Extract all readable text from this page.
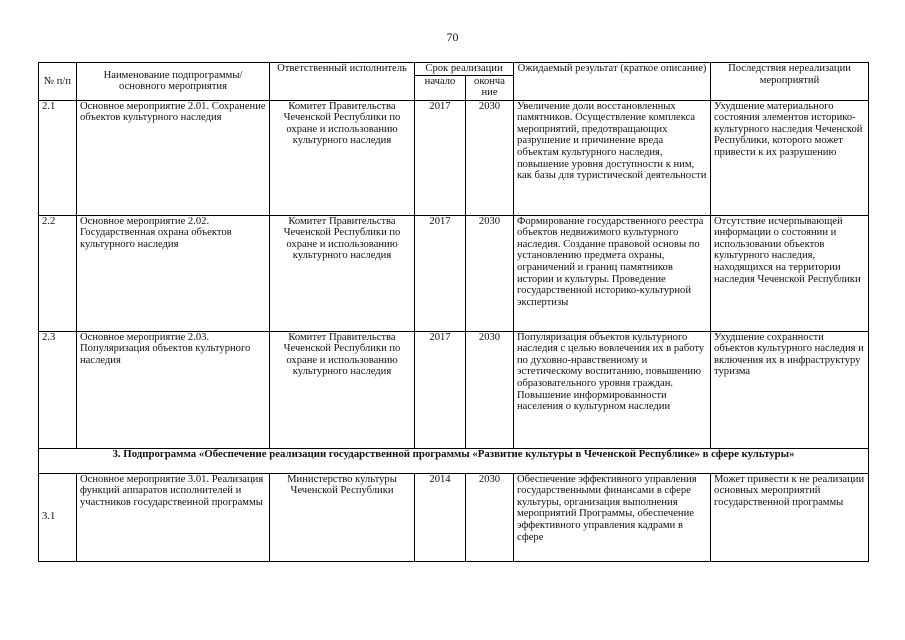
70
№ п/п	Наименование подпрограммы/ основного мероприятия	Ответственный исполнитель	Срок реализации		Ожидаемый результат (краткое описание)	Последствия нереализации мероприятий
			начало	оконча ние		
2.1	Основное мероприятие 2.01. Сохранение объектов культурного наследия	Комитет Правительства Чеченской Республики по охране и использованию культурного наследия	2017	2030	Увеличение доли восстановленных памятников. Осуществление комплекса мероприятий, предотвращающих разрушение и причинение вреда объектам культурного наследия, повышение уровня доступности к ним, как базы для туристической деятельности	Ухудшение материального состояния элементов историко-культурного наследия Чеченской Республики, которого может привести к их разрушению
2.2	Основное мероприятие 2.02. Государственная охрана объектов культурного наследия	Комитет Правительства Чеченской Республики по охране и использованию культурного наследия	2017	2030	Формирование государственного реестра объектов недвижимого культурного наследия. Создание правовой основы по установлению предмета охраны, ограничений и границ памятников истории и культуры. Проведение государственной историко-культурной экспертизы	Отсутствие исчерпывающей информации о состоянии и использовании объектов культурного наследия, находящихся на территории наследия Чеченской Республики
2.3	Основное мероприятие 2.03. Популяризация объектов культурного наследия	Комитет Правительства Чеченской Республики по охране и использованию культурного наследия	2017	2030	Популяризация объектов культурного наследия с целью вовлечения их в работу по духовно-нравственному и эстетическому воспитанию, повышению образовательного уровня граждан. Повышение информированности населения о культурном наследии	Ухудшение сохранности объектов культурного наследия и включения их в инфраструктуру туризма
3. Подпрограмма «Обеспечение реализации государственной программы «Развитие культуры в Чеченской Республике» в сфере культуры»						
3.1	Основное мероприятие 3.01. Реализация функций аппаратов исполнителей и участников государственной программы	Министерство культуры Чеченской Республики	2014	2030	Обеспечение эффективного управления государственными финансами в сфере культуры, организация выполнения мероприятий Программы, обеспечение эффективного управления кадрами в сфере	Может привести к не реализации основных мероприятий государственной программы
